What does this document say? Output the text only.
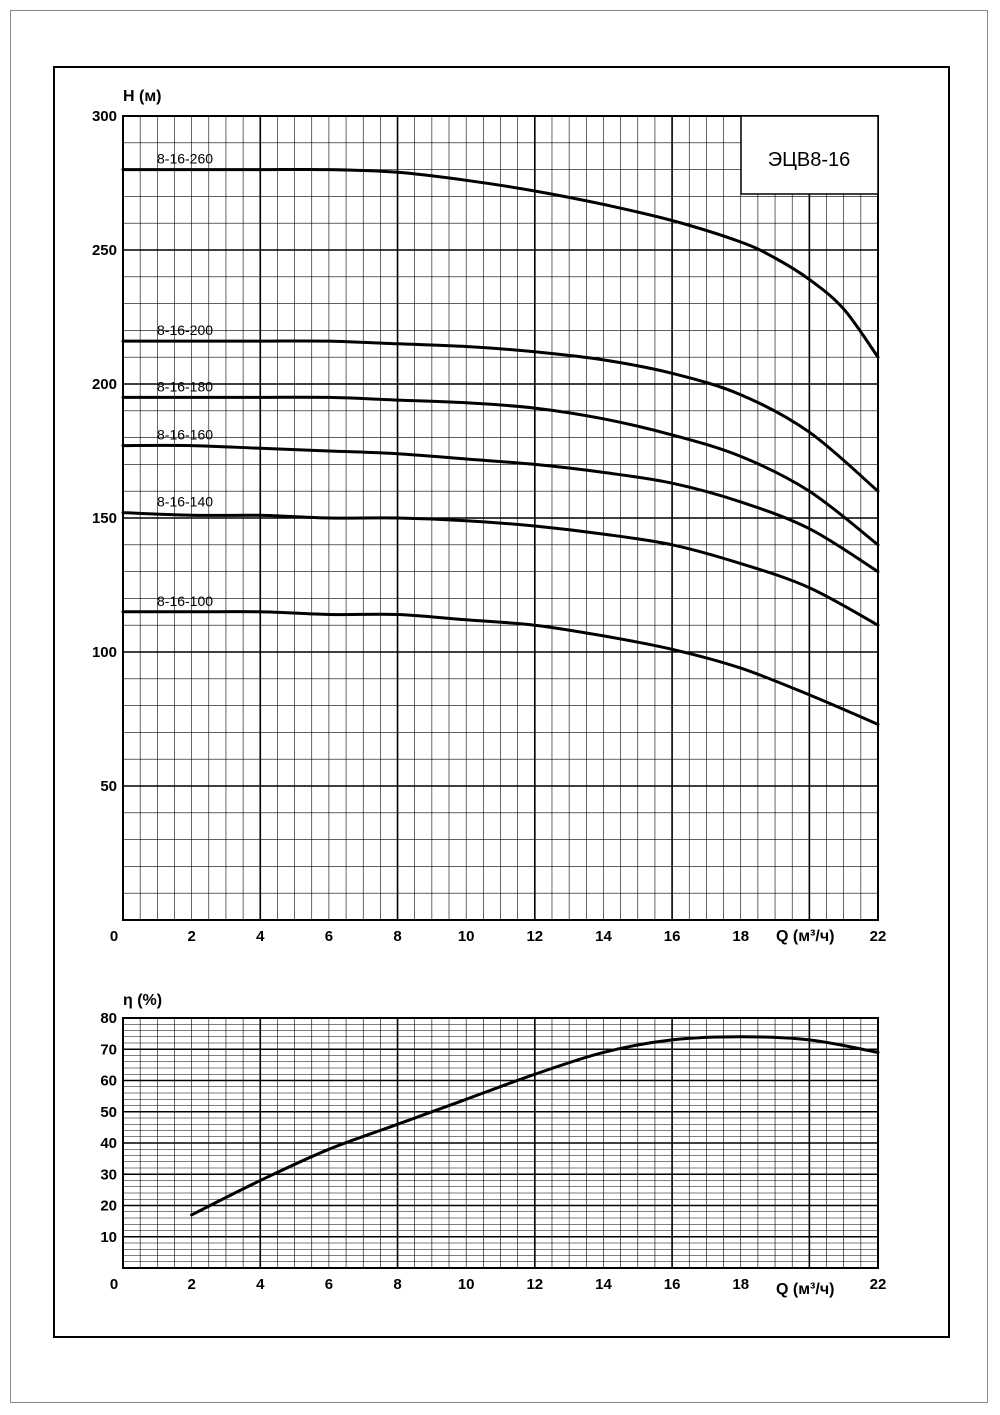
ЭЦВ8-16
8-16-260
8-16-200
8-16-180
8-16-160
8-16-140
8-16-100
50
100
150
200
250
300
0	2	4	6	8	10	12	14	16	18	22
H (м)
Q (м³/ч)
10
20
30
40
50
60
70
80
0	2	4	6	8	10	12	14	16	18	22
η (%)
Q (м³/ч)
